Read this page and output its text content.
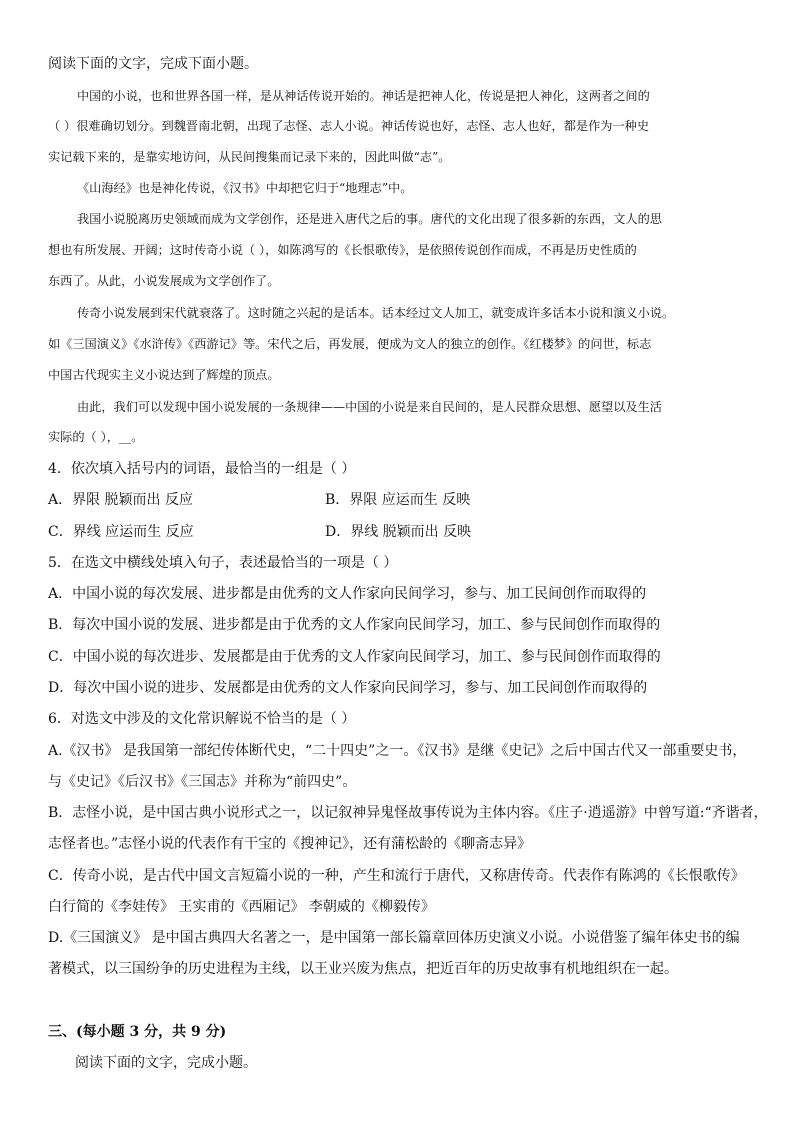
阅读下面的文字，完成下面小题。
中国的小说，也和世界各国一样，是从神话传说开始的。神话是把神人化，传说是把人神化，这两者之间的
（ ）很难确切划分。到魏晋南北朝，出现了志怪、志人小说。神话传说也好，志怪、志人也好，都是作为一种史
实记载下来的，是靠实地访问，从民间搜集而记录下来的，因此叫做“志”。
《山海经》也是神化传说，《汉书》中却把它归于“地理志”中。
我国小说脱离历史领域而成为文学创作，还是进入唐代之后的事。唐代的文化出现了很多新的东西，文人的思
想也有所发展、开阔；这时传奇小说（ ），如陈鸿写的《长恨歌传》，是依照传说创作而成，不再是历史性质的
东西了。从此，小说发展成为文学创作了。
传奇小说发展到宋代就衰落了。这时随之兴起的是话本。话本经过文人加工，就变成许多话本小说和演义小说。
如《三国演义》《水浒传》《西游记》等。宋代之后，再发展，便成为文人的独立的创作。《红楼梦》的问世，标志
中国古代现实主义小说达到了辉煌的顶点。
由此，我们可以发现中国小说发展的一条规律——中国的小说是来自民间的，是人民群众思想、愿望以及生活
实际的（ ），__。
4．依次填入括号内的词语，最恰当的一组是（ ）
A．界限 脱颖而出 反应	B．界限 应运而生 反映
C．界线 应运而生 反应	D．界线 脱颖而出 反映
5．在选文中横线处填入句子，表述最恰当的一项是（ ）
A．中国小说的每次发展、进步都是由优秀的文人作家向民间学习，参与、加工民间创作而取得的
B．每次中国小说的发展、进步都是由于优秀的文人作家向民间学习，加工、参与民间创作而取得的
C．中国小说的每次进步、发展都是由于优秀的文人作家向民间学习，加工、参与民间创作而取得的
D．每次中国小说的进步、发展都是由优秀的文人作家向民间学习，参与、加工民间创作而取得的
6．对选文中涉及的文化常识解说不恰当的是（ ）
A.《汉书》 是我国第一部纪传体断代史，“二十四史”之一。《汉书》是继《史记》之后中国古代又一部重要史书，
与《史记》《后汉书》《三国志》并称为“前四史”。
B．志怪小说，是中国古典小说形式之一，以记叙神异鬼怪故事传说为主体内容。《庄子·逍遥游》中曾写道:“齐谐者，
志怪者也。”志怪小说的代表作有干宝的《搜神记》，还有蒲松龄的《聊斋志异》
C．传奇小说，是古代中国文言短篇小说的一种，产生和流行于唐代，又称唐传奇。代表作有陈鸿的《长恨歌传》
白行简的《李娃传》 王实甫的《西厢记》 李朝威的《柳毅传》
D.《三国演义》 是中国古典四大名著之一，是中国第一部长篇章回体历史演义小说。小说借鉴了编年体史书的编
著模式，以三国纷争的历史进程为主线，以王业兴废为焦点，把近百年的历史故事有机地组织在一起。
三、(每小题 3 分，共 9 分)
阅读下面的文字，完成小题。
